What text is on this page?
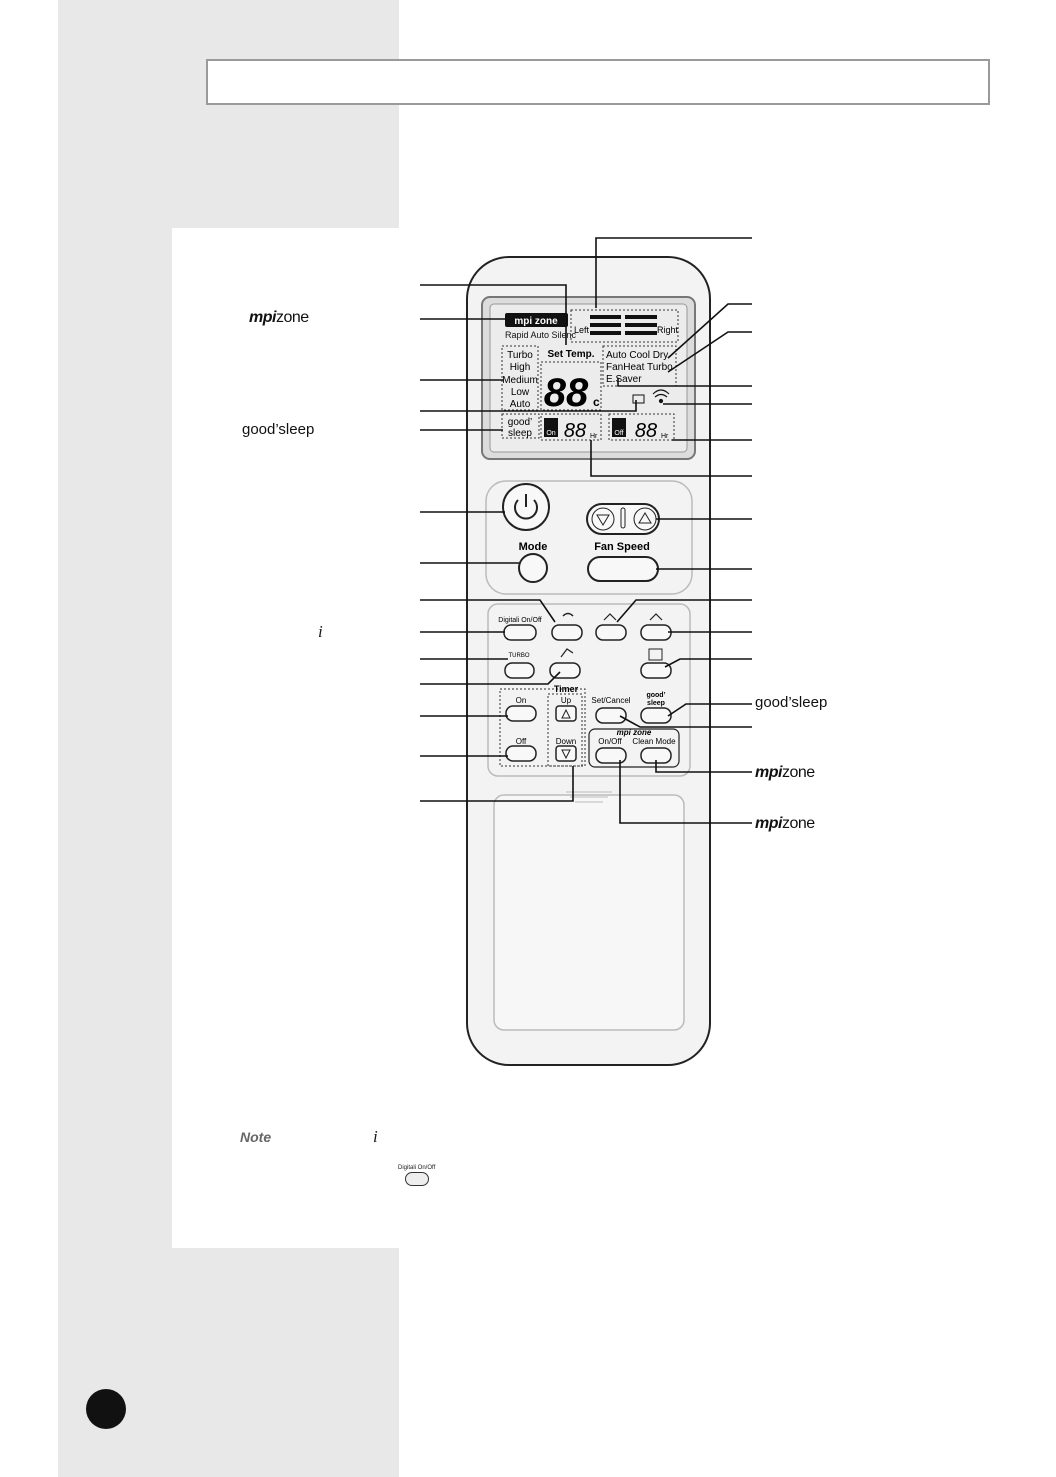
mpizone
good’sleep
i
good’sleep
mpizone
mpizone
mpi zone
Rapid Auto Silenc
Left	Right
Turbo
High
Medium
Low
Auto
Set Temp.
88 c
Auto Cool Dry
FanHeat Turbo
E.Saver
good’
sleep On 88 Hr Off 88 Hr
Mode	Fan Speed
Digitali On/Off
TURBO
Timer
On
Off
Up
Down
Set/Cancel
good’
sleep
mpi zone
On/Off Clean Mode
Note	i
Digitali On/Off
